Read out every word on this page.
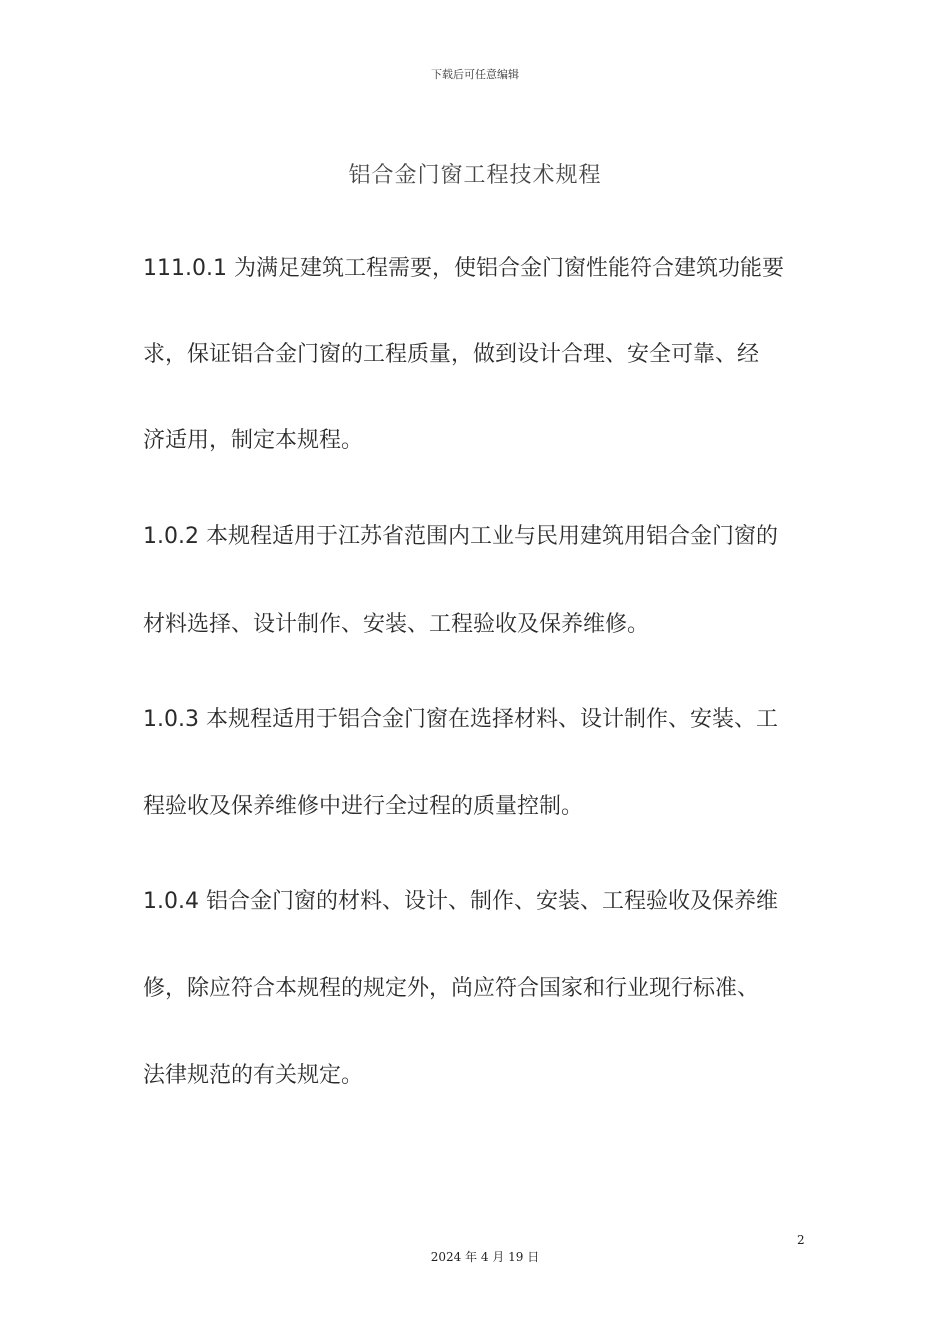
下载后可任意编辑
铝合金门窗工程技术规程
111.0.1 为满足建筑工程需要，使铝合金门窗性能符合建筑功能要
求，保证铝合金门窗的工程质量，做到设计合理、安全可靠、经
济适用，制定本规程。
1.0.2 本规程适用于江苏省范围内工业与民用建筑用铝合金门窗的
材料选择、设计制作、安装、工程验收及保养维修。
1.0.3 本规程适用于铝合金门窗在选择材料、设计制作、安装、工
程验收及保养维修中进行全过程的质量控制。
1.0.4 铝合金门窗的材料、设计、制作、安装、工程验收及保养维
修，除应符合本规程的规定外，尚应符合国家和行业现行标准、
法律规范的有关规定。
2
2024 年 4 月 19 日
